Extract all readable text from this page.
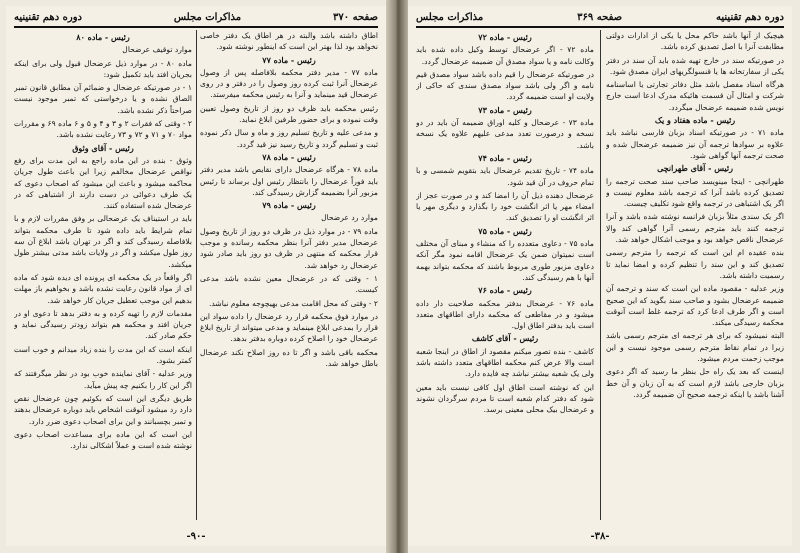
صفحه ۳۷۰
مذاکرات مجلس
دوره دهم تقنینیه

اطاق داشته باشد والبته در هر اطاق یک دفتر خاصی نخواهد بود لذا بهتر این است که اینطور نوشته شود.

رئیس - ماده ۷۷

ماده ۷۷ - مدیر دفتر محکمه بلافاصله پس از وصول عرضحال آنرا ثبت کرده روز وصول را در دفتر و در روی عرضحال قید مینماید و آنرا به رئیس محکمه میفرستد.

رئیس محکمه باید ظرف دو روز از تاریخ وصول تعیین وقت نموده و برای حضور طرفین ابلاغ نماید.

و مدعی علیه و تاریخ تسلیم روز و ماه و سال ذکر نموده ثبت و تسلیم گردد و تاریخ رسید نیز قید گردد.

رئیس - ماده ۷۸

ماده ۷۸ - هرگاه عرضحال دارای نقایص باشد مدیر دفتر باید فوراً عرضحال را بانتظار رئیس اول برساند تا رئیس مزبور آنرا بضمیمه گزارش رسیدگی کند.

رئیس - ماده ۷۹

موارد رد عرضحال

ماده ۷۹ - در موارد ذیل در ظرف دو روز از تاریخ وصول عرضحال مدیر دفتر آنرا بنظر محکمه رسانده و موجب قرار محکمه که منتهی در ظرف دو روز باید صادر شود عرضحال رد خواهد شد.

۱ - وقتی که در عرضحال معین نشده باشد مدعی کیست.

۲ - وقتی که محل اقامت مدعی بهیچوجه معلوم نباشد.

در موارد فوق محکمه قرار رد عرضحال را داده سواد این قرار را بمدعی ابلاغ مینماید و مدعی میتواند از تاریخ ابلاغ عرضحال خود را اصلاح کرده دوباره بدفتر بدهد.

محکمه باقی باشد و اگر تا ده روز اصلاح نکند عرضحال باطل خواهد شد.

رئیس - ماده ۸۰

موارد توقیف عرضحال

ماده ۸۰ - در موارد ذیل عرضحال قبول ولی برای اینکه بجریان افتد باید تکمیل شود:

۱ - در صورتیکه عرضحال و ضمائم آن مطابق قانون تمبر الصاق نشده و یا درخواستی که تمبر موجود نیست صراحتاً ذکر نشده باشد.

۲ - وقتی که فقرات ۲ و ۳ و ۴ و ۵ و ۶ ماده ۶۹ و مقررات مواد ۷۰ و ۷۱ و ۷۲ و ۷۳ رعایت نشده باشد.

رئیس - آقای وثوق

وثوق - بنده در این ماده راجع به این مدت برای رفع نواقص عرضحال مخالفم زیرا این باعث طول جریان محاکمه میشود و باعث این میشود که اصحاب دعوی که یک طرف دعوائی در دست دارند از اشتباهی که در عرضحال شده استفاده کنند.

باید در استیناف یک عرضحالی بر وفق مقررات لازم و با تمام شرایط باید داده شود تا طرف محکمه بتواند بلافاصله رسیدگی کند و اگر در تهران باشد ابلاغ آن سه روز طول میکشد و اگر در ولایات باشد مدتی بیشتر طول میکشد.

اگر واقعاً در یک محکمه ای پرونده ای دیده شود که ماده ای از مواد قانون رعایت نشده باشد و بخواهیم باز مهلت بدهیم این موجب تعطیل جریان کار خواهد شد.

مقدمات لازم را تهیه کرده و به دفتر بدهد تا دعوی او در جریان افتد و محکمه هم بتواند زودتر رسیدگی نماید و حکم صادر کند.

اینکه است که این مدت را بنده زیاد میدانم و خوب است کمتر بشود.

وزیر عدلیه - آقای نماینده خوب بود در نظر میگرفتند که اگر این کار را بکنیم چه پیش میآید.

طریق دیگری این است که بکوئیم چون عرضحال نقص دارد رد میشود آنوقت اشخاص باید دوباره عرضحال بدهند و تمبر بچسبانند و این برای اصحاب دعوی ضرر دارد.

این است که این ماده برای مساعدت اصحاب دعوی نوشته شده است و عملاً اشکالی ندارد.

-۹۰-
دوره دهم تقنینیه
صفحه ۳۶۹
مذاکرات مجلس

هیچیک از آنها باشد حاکم محل یا یکی از ادارات دولتی مطابقت آنرا با اصل تصدیق کرده باشد.

در صورتیکه سند در خارج تهیه شده باید آن سند در دفتر یکی از سفارتخانه ها یا قنسولگریهای ایران مصدق شود.

هرگاه اسناد مفصل باشد مثل دفاتر تجارتی یا اساسنامه شرکت و امثال آن قسمت هائیکه مدرک ادعا است خارج نویس شده ضمیمه عرضحال میگردد.

رئیس - ماده هفتاد و یک

ماده ۷۱ - در صورتیکه اسناد بزبان فارسی نباشد باید علاوه بر سوادها ترجمه آن نیز ضمیمه عرضحال شده و صحت ترجمه آنها گواهی شود.

رئیس - آقای طهرانچی

طهرانچی - اینجا مینویسد صاحب سند صحت ترجمه را تصدیق کرده باشد آنرا که ترجمه باشد معلوم نیست و اگر یک اشتباهی در ترجمه واقع شود تکلیف چیست.

اگر یک سندی مثلاً بزبان فرانسه نوشته شده باشد و آنرا ترجمه کنند باید مترجم رسمی آنرا گواهی کند والا عرضحال ناقص خواهد بود و موجب اشکال خواهد شد.

بنده عقیده ام این است که ترجمه را مترجم رسمی تصدیق کند و این سند را تنظیم کرده و امضا نماید تا رسمیت داشته باشد.

وزیر عدلیه - مقصود ماده این است که سند و ترجمه آن ضمیمه عرضحال بشود و صاحب سند بگوید که این صحیح است و اگر طرف ادعا کرد که ترجمه غلط است آنوقت محکمه رسیدگی میکند.

البته نمیشود که برای هر ترجمه ای مترجم رسمی باشد زیرا در تمام نقاط مترجم رسمی موجود نیست و این موجب زحمت مردم میشود.

اینست که بعد یک راه حل بنظر ما رسید که اگر دعوی بزبان خارجی باشد لازم است که به آن زبان و آن خط آشنا باشد یا اینکه ترجمه صحیح آن ضمیمه گردد.

رئیس - ماده ۷۲

ماده ۷۲ - اگر عرضحال توسط وکیل داده شده باید وکالت نامه و یا سواد مصدق آن ضمیمه عرضحال گردد.

در صورتیکه عرضحال را قیم داده باشد سواد مصدق قیم نامه و اگر ولی باشد سواد مصدق سندی که حاکی از ولایت او است ضمیمه گردد.

رئیس - ماده ۷۳

ماده ۷۳ - عرضحال و کلیه اوراق ضمیمه آن باید در دو نسخه و درصورت تعدد مدعی علیهم علاوه یک نسخه باشد.

رئیس - ماده ۷۴

ماده ۷۴ - تاریخ تقدیم عرضحال باید بتقویم شمسی و با تمام حروف در آن قید شود.

عرضحال دهنده ذیل آن را امضا کند و در صورت عجز از امضاء مهر یا اثر انگشت خود را بگذارد و دیگری مهر یا اثر انگشت او را تصدیق کند.

رئیس - ماده ۷۵

ماده ۷۵ - دعاوی متعدده را که منشاء و مبنای آن مختلف است نمیتوان ضمن یک عرضحال اقامه نمود مگر آنکه دعاوی مزبور طوری مربوط باشند که محکمه بتواند بهمه آنها با هم رسیدگی کند.

رئیس - ماده ۷۶

ماده ۷۶ - عرضحال بدفتر محکمه صلاحیت دار داده میشود و در مقاطعی که محکمه دارای اطاقهای متعدد است باید بدفتر اطاق اول.

رئیس - آقای کاشف

کاشف - بنده تصور میکنم مقصود از اطاق در اینجا شعبه است والا عرض کنم محکمه اطاقهای متعدد داشته باشد ولی یک شعبه بیشتر نباشد چه فایده دارد.

این که نوشته است اطاق اول کافی نیست باید معین شود که دفتر کدام شعبه است تا مردم سرگردان نشوند و عرضحال بیک محلی معینی برسد.

-۳۸-
